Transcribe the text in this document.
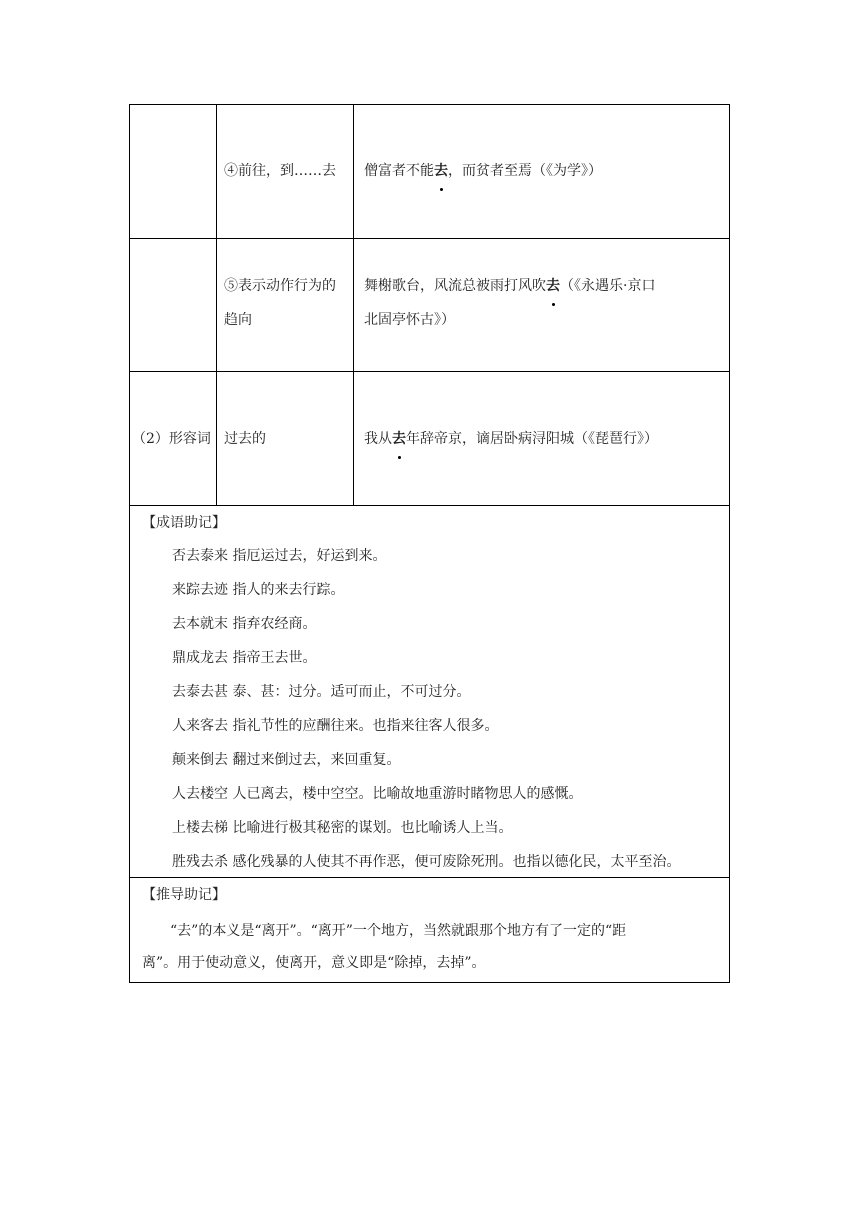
④前往，到……去 僧富者不能去，而贫者至焉（《为学》）
⑤表示动作行为的
趋向
舞榭歌台，风流总被雨打风吹去（《永遇乐·京口
北固亭怀古》）
（2）形容词 过去的	我从去年辞帝京，谪居卧病浔阳城（《琵琶行》）
【成语助记】
否去泰来 指厄运过去，好运到来。
来踪去迹 指人的来去行踪。
去本就末 指弃农经商。
鼎成龙去 指帝王去世。
去泰去甚 泰、甚：过分。适可而止，不可过分。
人来客去 指礼节性的应酬往来。也指来往客人很多。
颠来倒去 翻过来倒过去，来回重复。
人去楼空 人已离去，楼中空空。比喻故地重游时睹物思人的感慨。
上楼去梯 比喻进行极其秘密的谋划。也比喻诱人上当。
胜残去杀 感化残暴的人使其不再作恶，便可废除死刑。也指以德化民，太平至治。
【推导助记】
“去”的本义是“离开”。“离开”一个地方，当然就跟那个地方有了一定的“距
离”。用于使动意义，使离开，意义即是“除掉，去掉”。
